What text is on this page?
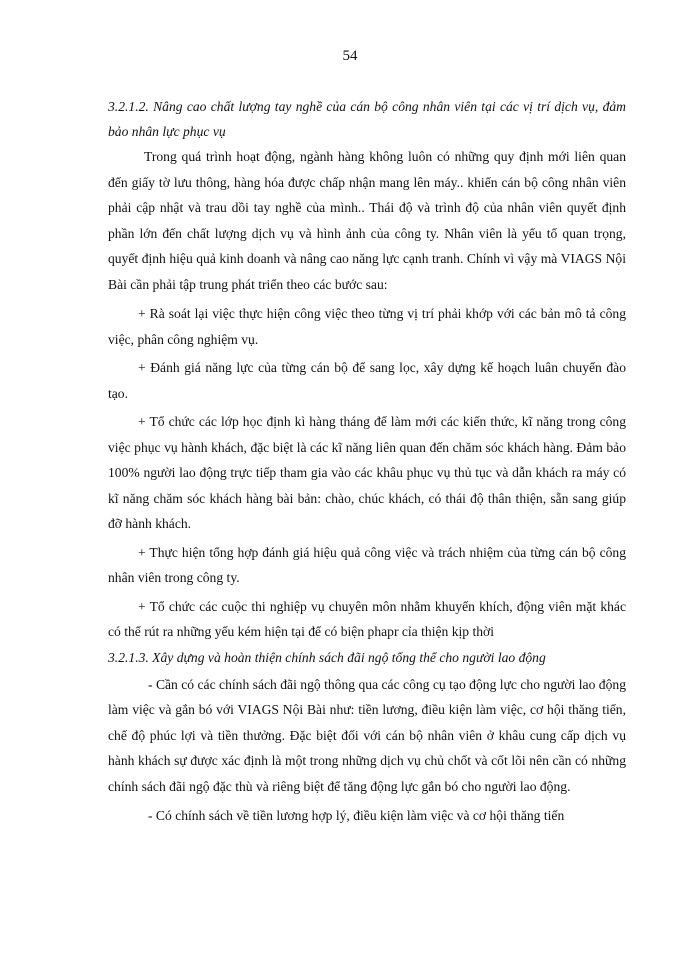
54
3.2.1.2. Nâng cao chất lượng tay nghề của cán bộ công nhân viên tại các vị trí dịch vụ, đảm bảo nhân lực phục vụ
Trong quá trình hoạt động, ngành hàng không luôn có những quy định mới liên quan đến giấy tờ lưu thông, hàng hóa được chấp nhận mang lên máy.. khiến cán bộ công nhân viên phải cập nhật và trau dồi tay nghề của mình.. Thái độ và trình độ của nhân viên quyết định phần lớn đến chất lượng dịch vụ và hình ảnh của công ty. Nhân viên là yếu tố quan trọng, quyết định hiệu quả kinh doanh và nâng cao năng lực cạnh tranh. Chính vì vậy mà VIAGS Nội Bài cần phải tập trung phát triển theo các bước sau:
+ Rà soát lại việc thực hiện công việc theo từng vị trí phải khớp với các bản mô tả công việc, phân công nghiệm vụ.
+ Đánh giá năng lực của từng cán bộ để sang lọc, xây dựng kế hoạch luân chuyển đào tạo.
+ Tổ chức các lớp học định kì hàng tháng để làm mới các kiến thức, kĩ năng trong công việc phục vụ hành khách, đặc biệt là các kĩ năng liên quan đến chăm sóc khách hàng. Đảm bảo 100% người lao động trực tiếp tham gia vào các khâu phục vụ thủ tục và dẫn khách ra máy có kĩ năng chăm sóc khách hàng bài bản: chào, chúc khách, có thái độ thân thiện, sẵn sang giúp đỡ hành khách.
+ Thực hiện tổng hợp đánh giá hiệu quả công việc và trách nhiệm của từng cán bộ công nhân viên trong công ty.
+ Tổ chức các cuộc thi nghiệp vụ chuyên môn nhằm khuyến khích, động viên mặt khác có thể rút ra những yếu kém hiện tại để có biện phapr cỉa thiện kịp thời
3.2.1.3. Xây dựng và hoàn thiện chính sách đãi ngộ tổng thể cho người lao động
- Cần có các chính sách đãi ngộ thông qua các công cụ tạo động lực cho người lao động làm việc và gắn bó với VIAGS Nội Bài như: tiền lương, điều kiện làm việc, cơ hội thăng tiến, chế độ phúc lợi và tiền thưởng. Đặc biệt đối với cán bộ nhân viên ở khâu cung cấp dịch vụ hành khách sự được xác định là một trong những dịch vụ chủ chốt và cốt lõi nên cần có những chính sách đãi ngộ đặc thù và riêng biệt để tăng động lực gắn bó cho người lao động.
- Có chính sách về tiền lương hợp lý, điều kiện làm việc và cơ hội thăng tiến
